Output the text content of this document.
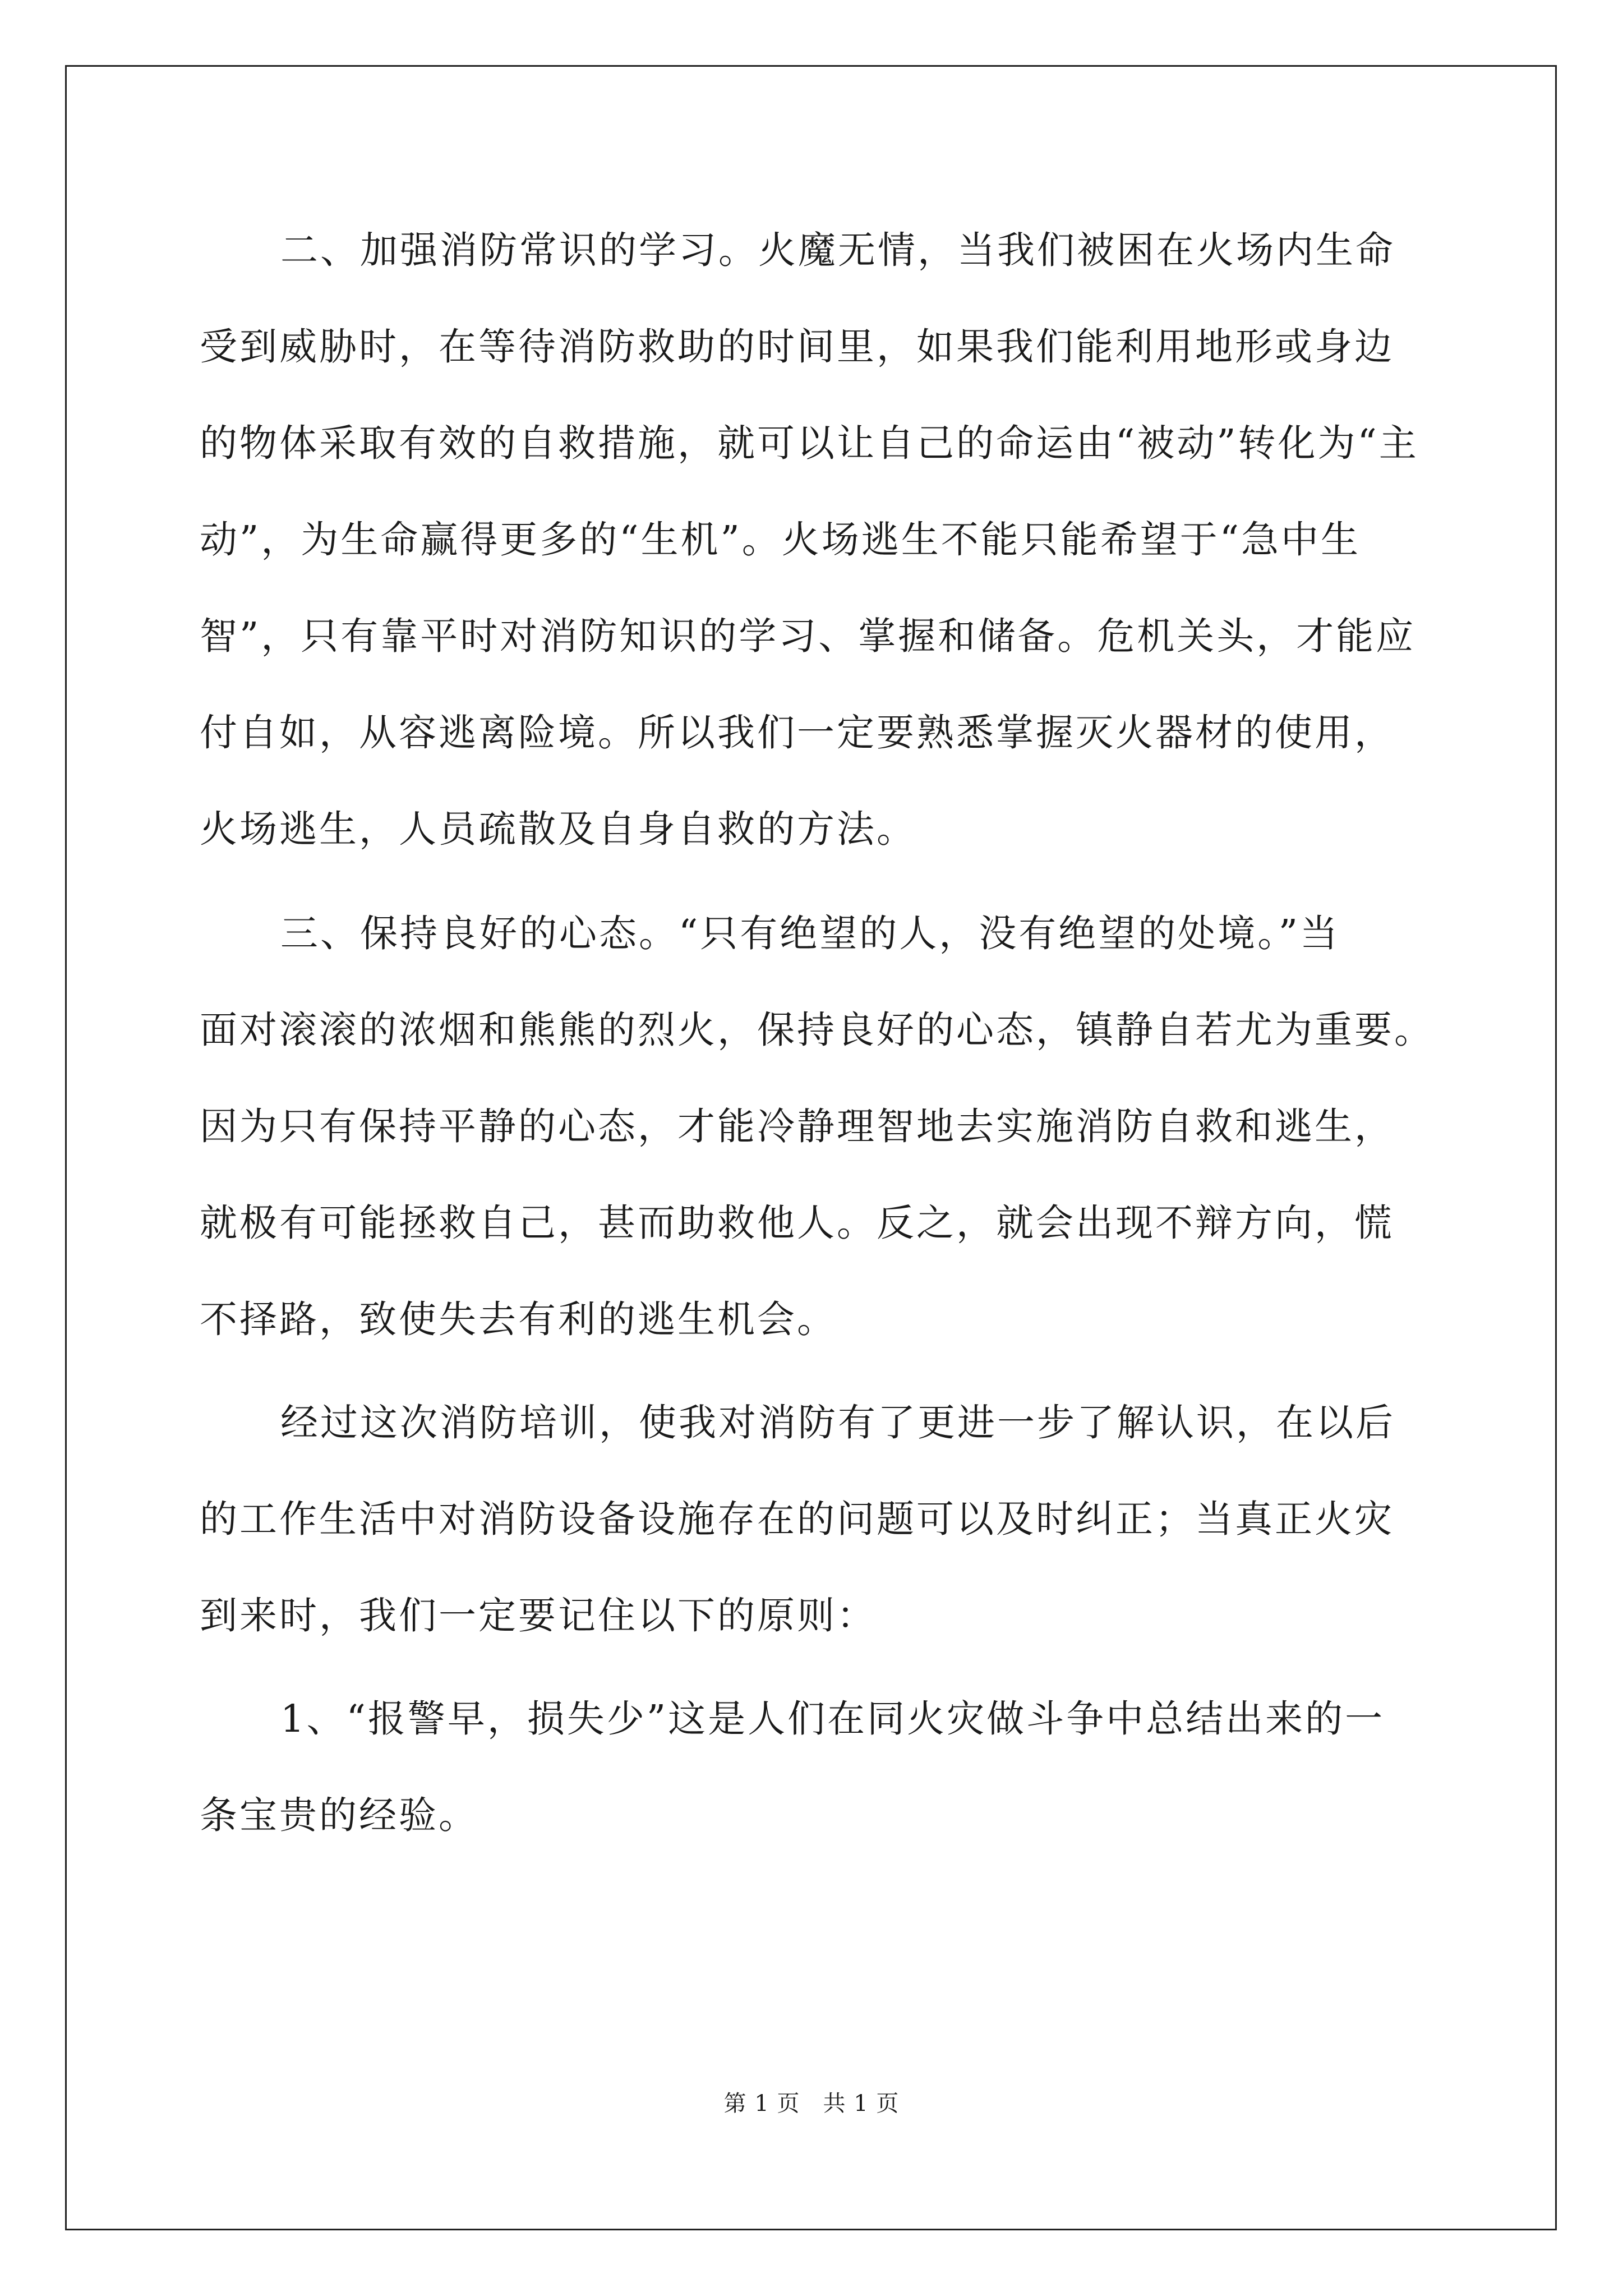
二、加强消防常识的学习。火魔无情，当我们被困在火场内生命
受到威胁时，在等待消防救助的时间里，如果我们能利用地形或身边
的物体采取有效的自救措施，就可以让自己的命运由“被动”转化为“主
动”，为生命赢得更多的“生机”。火场逃生不能只能希望于“急中生
智”，只有靠平时对消防知识的学习、掌握和储备。危机关头，才能应
付自如，从容逃离险境。所以我们一定要熟悉掌握灭火器材的使用，
火场逃生，人员疏散及自身自救的方法。
三、保持良好的心态。“只有绝望的人，没有绝望的处境。”当
面对滚滚的浓烟和熊熊的烈火，保持良好的心态，镇静自若尤为重要。
因为只有保持平静的心态，才能冷静理智地去实施消防自救和逃生，
就极有可能拯救自己，甚而助救他人。反之，就会出现不辩方向，慌
不择路，致使失去有利的逃生机会。
经过这次消防培训，使我对消防有了更进一步了解认识，在以后
的工作生活中对消防设备设施存在的问题可以及时纠正；当真正火灾
到来时，我们一定要记住以下的原则：
1、“报警早，损失少”这是人们在同火灾做斗争中总结出来的一
条宝贵的经验。
第 1 页　共 1 页
